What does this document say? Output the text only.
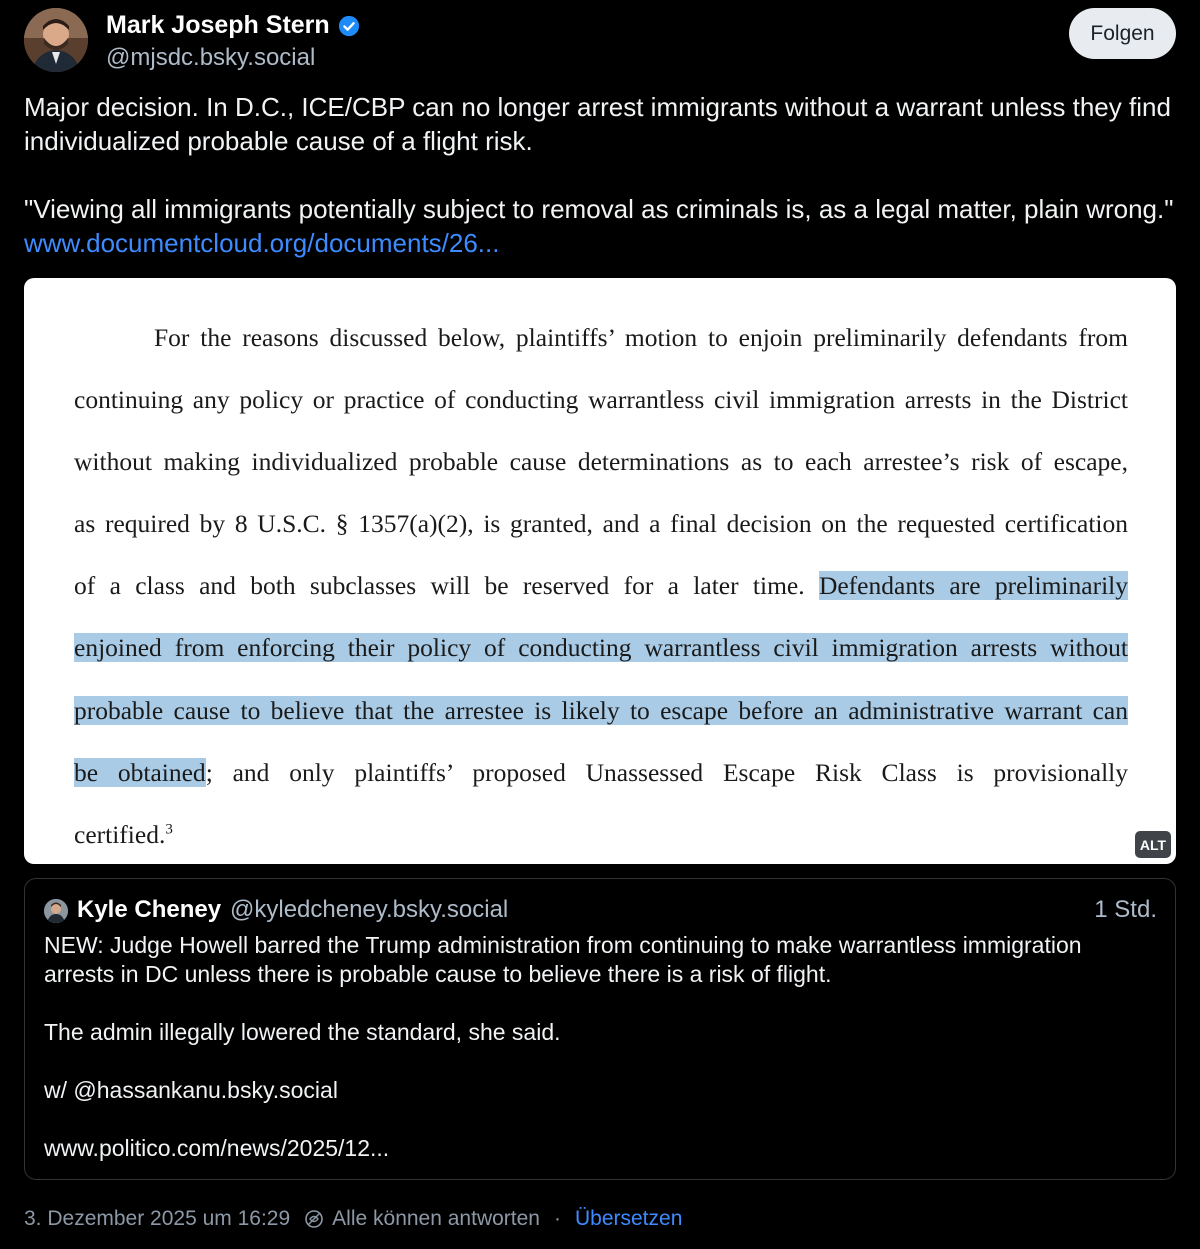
Mark Joseph Stern
@mjsdc.bsky.social
Folgen

Major decision. In D.C., ICE/CBP can no longer arrest immigrants without a warrant unless they find individualized probable cause of a flight risk.

"Viewing all immigrants potentially subject to removal as criminals is, as a legal matter, plain wrong." www.documentcloud.org/documents/26...

For the reasons discussed below, plaintiffs’ motion to enjoin preliminarily defendants from
continuing any policy or practice of conducting warrantless civil immigration arrests in the District
without making individualized probable cause determinations as to each arrestee’s risk of escape,
as required by 8 U.S.C. § 1357(a)(2), is granted, and a final decision on the requested certification
of a class and both subclasses will be reserved for a later time. Defendants are preliminarily
enjoined from enforcing their policy of conducting warrantless civil immigration arrests without
probable cause to believe that the arrestee is likely to escape before an administrative warrant can
be obtained; and only plaintiffs’ proposed Unassessed Escape Risk Class is provisionally
certified.$^3$
ALT
Kyle Cheney @kyledcheney.bsky.social	1 Std.

NEW: Judge Howell barred the Trump administration from continuing to make warrantless immigration arrests in DC unless there is probable cause to believe there is a risk of flight.

The admin illegally lowered the standard, she said.

w/ @hassankanu.bsky.social

www.politico.com/news/2025/12...

3. Dezember 2025 um 16:29 Alle können antworten · Übersetzen
